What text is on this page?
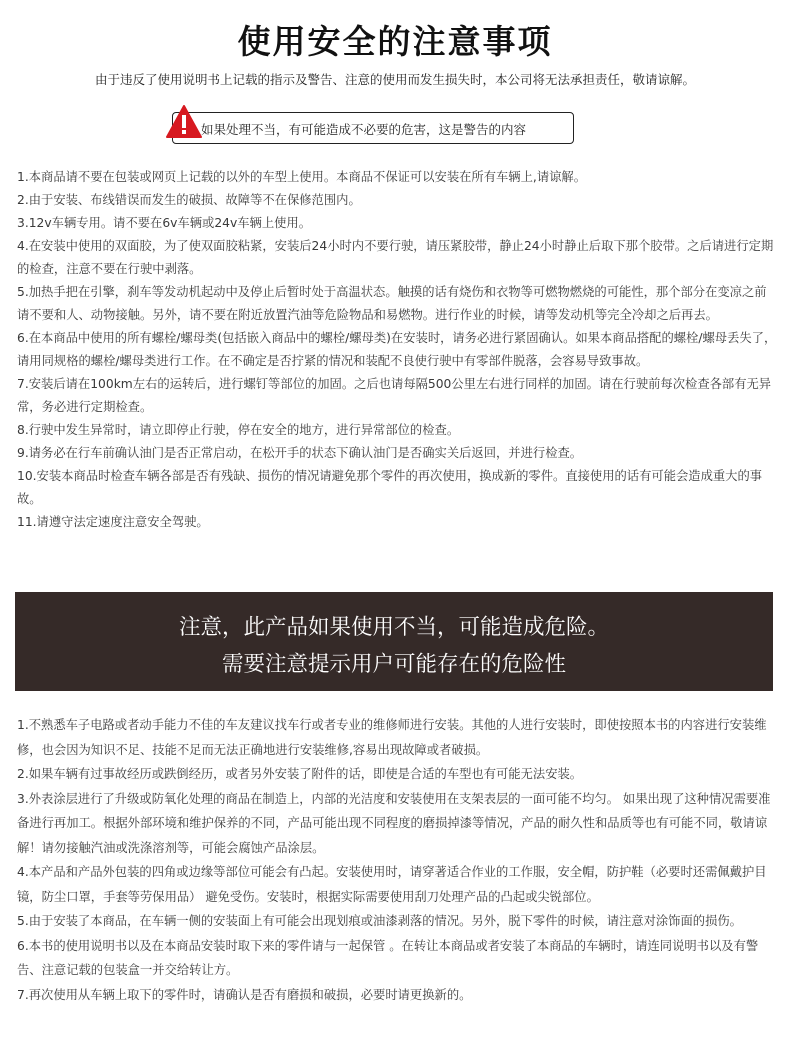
使用安全的注意事项
由于违反了使用说明书上记载的指示及警告、注意的使用而发生损失时，本公司将无法承担责任，敬请谅解。
如果处理不当，有可能造成不必要的危害，这是警告的内容

1.本商品请不要在包装或网页上记载的以外的车型上使用。本商品不保证可以安装在所有车辆上,请谅解。

2.由于安装、布线错误而发生的破损、故障等不在保修范围内。

3.12v车辆专用。请不要在6v车辆或24v车辆上使用。

4.在安装中使用的双面胶，为了使双面胶粘紧，安装后24小时内不要行驶，请压紧胶带，静止24小时静止后取下那个胶带。之后请进行定期的检查，注意不要在行驶中剥落。

5.加热手把在引擎，刹车等发动机起动中及停止后暂时处于高温状态。触摸的话有烧伤和衣物等可燃物燃烧的可能性，那个部分在变凉之前请不要和人、动物接触。另外，请不要在附近放置汽油等危险物品和易燃物。进行作业的时候，请等发动机等完全冷却之后再去。

6.在本商品中使用的所有螺栓/螺母类(包括嵌入商品中的螺栓/螺母类)在安装时，请务必进行紧固确认。如果本商品搭配的螺栓/螺母丢失了，请用同规格的螺栓/螺母类进行工作。在不确定是否拧紧的情况和装配不良使行驶中有零部件脱落，会容易导致事故。

7.安装后请在100km左右的运转后，进行螺钉等部位的加固。之后也请每隔500公里左右进行同样的加固。请在行驶前每次检查各部有无异常，务必进行定期检查。

8.行驶中发生异常时，请立即停止行驶，停在安全的地方，进行异常部位的检查。

9.请务必在行车前确认油门是否正常启动，在松开手的状态下确认油门是否确实关后返回，并进行检查。

10.安装本商品时检查车辆各部是否有残缺、损伤的情况请避免那个零件的再次使用，换成新的零件。直接使用的话有可能会造成重大的事故。

11.请遵守法定速度注意安全驾驶。

注意，此产品如果使用不当，可能造成危险。
需要注意提示用户可能存在的危险性

1.不熟悉车子电路或者动手能力不佳的车友建议找车行或者专业的维修师进行安装。其他的人进行安装时，即使按照本书的内容进行安装维修，也会因为知识不足、技能不足而无法正确地进行安装维修,容易出现故障或者破损。

2.如果车辆有过事故经历或跌倒经历，或者另外安装了附件的话，即使是合适的车型也有可能无法安装。

3.外表涂层进行了升级或防氧化处理的商品在制造上，内部的光洁度和安装使用在支架表层的一面可能不均匀。 如果出现了这种情况需要准备进行再加工。根据外部环境和维护保养的不同，产品可能出现不同程度的磨损掉漆等情况，产品的耐久性和品质等也有可能不同，敬请谅解！请勿接触汽油或洗涤溶剂等，可能会腐蚀产品涂层。

4.本产品和产品外包装的四角或边缘等部位可能会有凸起。安装使用时，请穿著适合作业的工作服，安全帽，防护鞋（必要时还需佩戴护目镜，防尘口罩，手套等劳保用品） 避免受伤。安装时，根据实际需要使用刮刀处理产品的凸起或尖锐部位。

5.由于安装了本商品，在车辆一侧的安装面上有可能会出现划痕或油漆剥落的情况。另外，脱下零件的时候，请注意对涂饰面的损伤。

6.本书的使用说明书以及在本商品安装时取下来的零件请与一起保管 。在转让本商品或者安装了本商品的车辆时，请连同说明书以及有警告、注意记载的包装盒一并交给转让方。

7.再次使用从车辆上取下的零件时，请确认是否有磨损和破损，必要时请更换新的。
